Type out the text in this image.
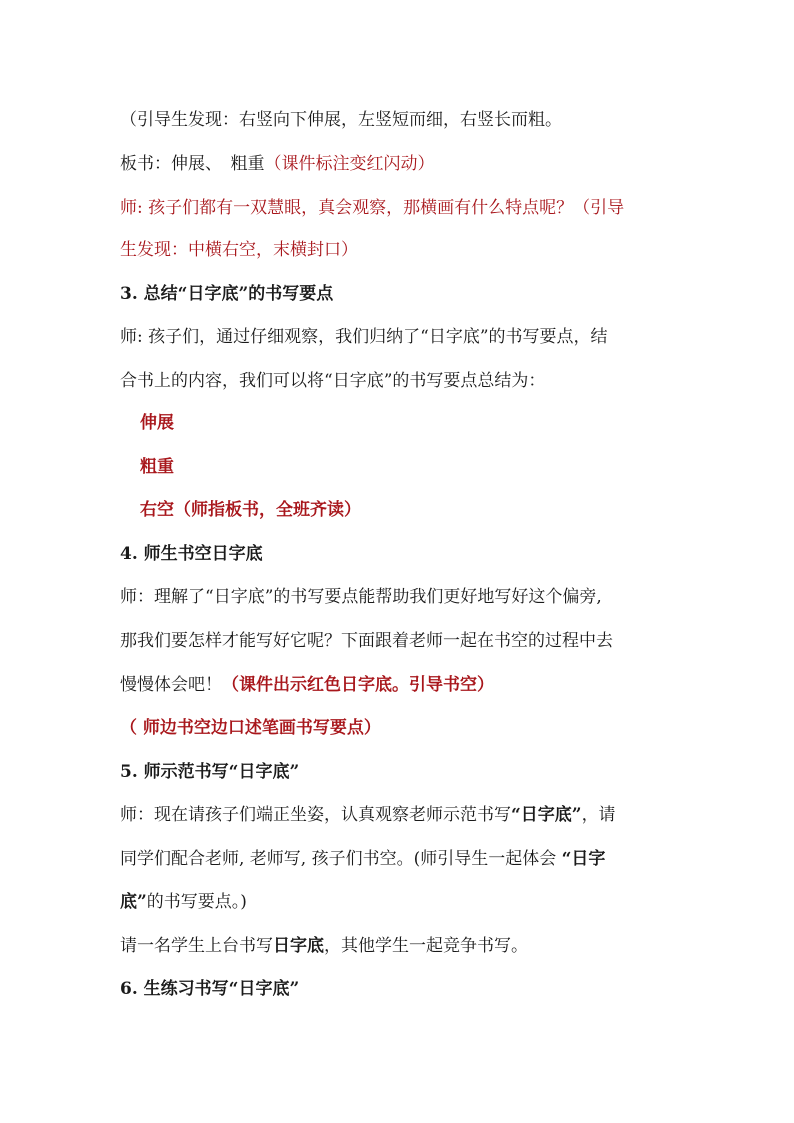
（引导生发现：右竖向下伸展，左竖短而细，右竖长而粗。
板书：伸展、　粗重（课件标注变红闪动）
师: 孩子们都有一双慧眼，真会观察，那横画有什么特点呢？（引导
生发现：中横右空，末横封口）
3. 总结“日字底”的书写要点
师: 孩子们，通过仔细观察，我们归纳了“日字底”的书写要点，结
合书上的内容，我们可以将“日字底”的书写要点总结为：
伸展
粗重
右空（师指板书，全班齐读）
4. 师生书空日字底
师：理解了“日字底”的书写要点能帮助我们更好地写好这个偏旁,
那我们要怎样才能写好它呢？下面跟着老师一起在书空的过程中去
慢慢体会吧！（课件出示红色日字底。引导书空）
（ 师边书空边口述笔画书写要点）
5. 师示范书写“日字底”
师：现在请孩子们端正坐姿，认真观察老师示范书写“日字底”，请
同学们配合老师, 老师写, 孩子们书空。(师引导生一起体会 “日字
底”的书写要点。)
请一名学生上台书写日字底，其他学生一起竞争书写。
6. 生练习书写“日字底”
